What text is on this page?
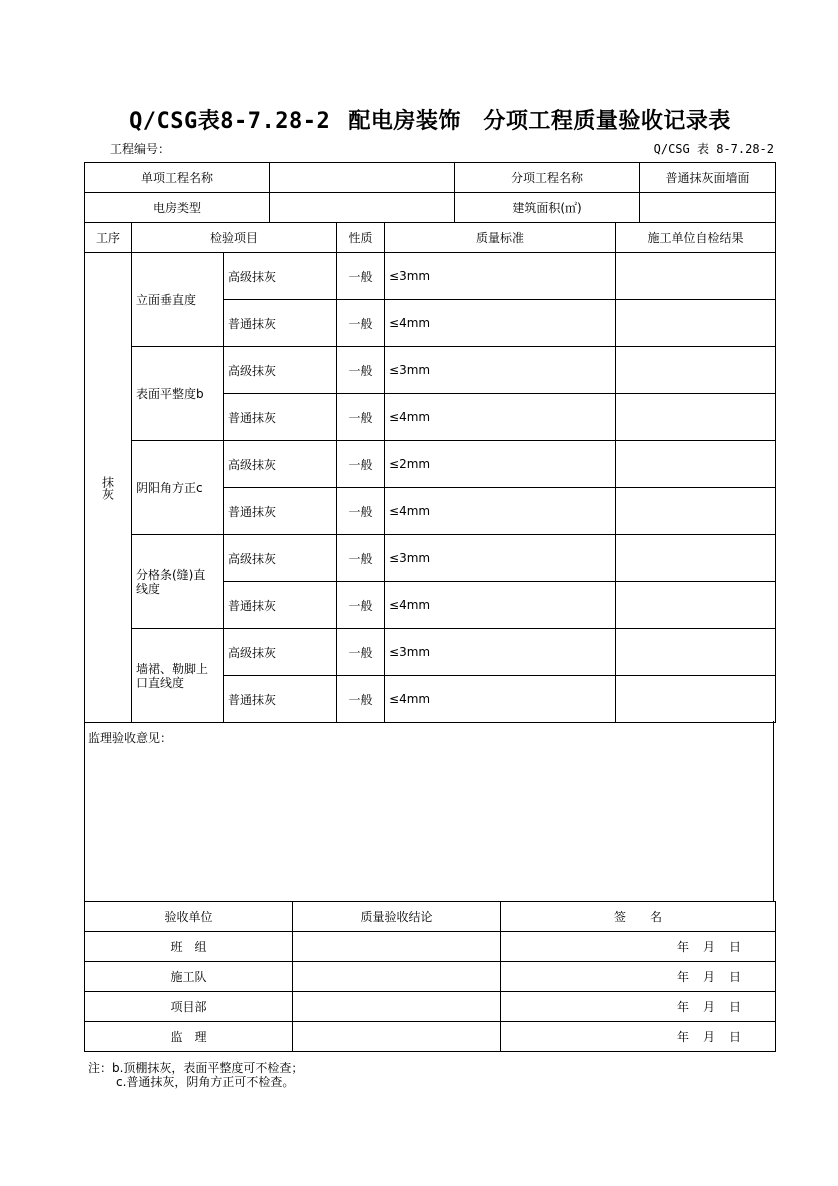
Q/CSG表8-7.28-2 配电房装饰　分项工程质量验收记录表
工程编号：	Q/CSG 表 8-7.28-2
单项工程名称		分项工程名称	普通抹灰面墙面
电房类型		建筑面积(㎡)	
工序	检验项目		性质	质量标准	施工单位自检结果

抹灰	立面垂直度	高级抹灰	一般	≤3mm	
		普通抹灰	一般	≤4mm	
	表面平整度b	高级抹灰	一般	≤3mm	
		普通抹灰	一般	≤4mm	
	阴阳角方正c	高级抹灰	一般	≤2mm	
		普通抹灰	一般	≤4mm	
	分格条(缝)直线度	高级抹灰	一般	≤3mm	
		普通抹灰	一般	≤4mm	
	墙裙、勒脚上口直线度	高级抹灰	一般	≤3mm	
		普通抹灰	一般	≤4mm	
监理验收意见：
验收单位	质量验收结论	签　　名
班　组		年 月 日
施工队		年 月 日
项目部		年 月 日
监　理		年 月 日
注：b.顶棚抹灰，表面平整度可不检查；
c.普通抹灰，阴角方正可不检查。
